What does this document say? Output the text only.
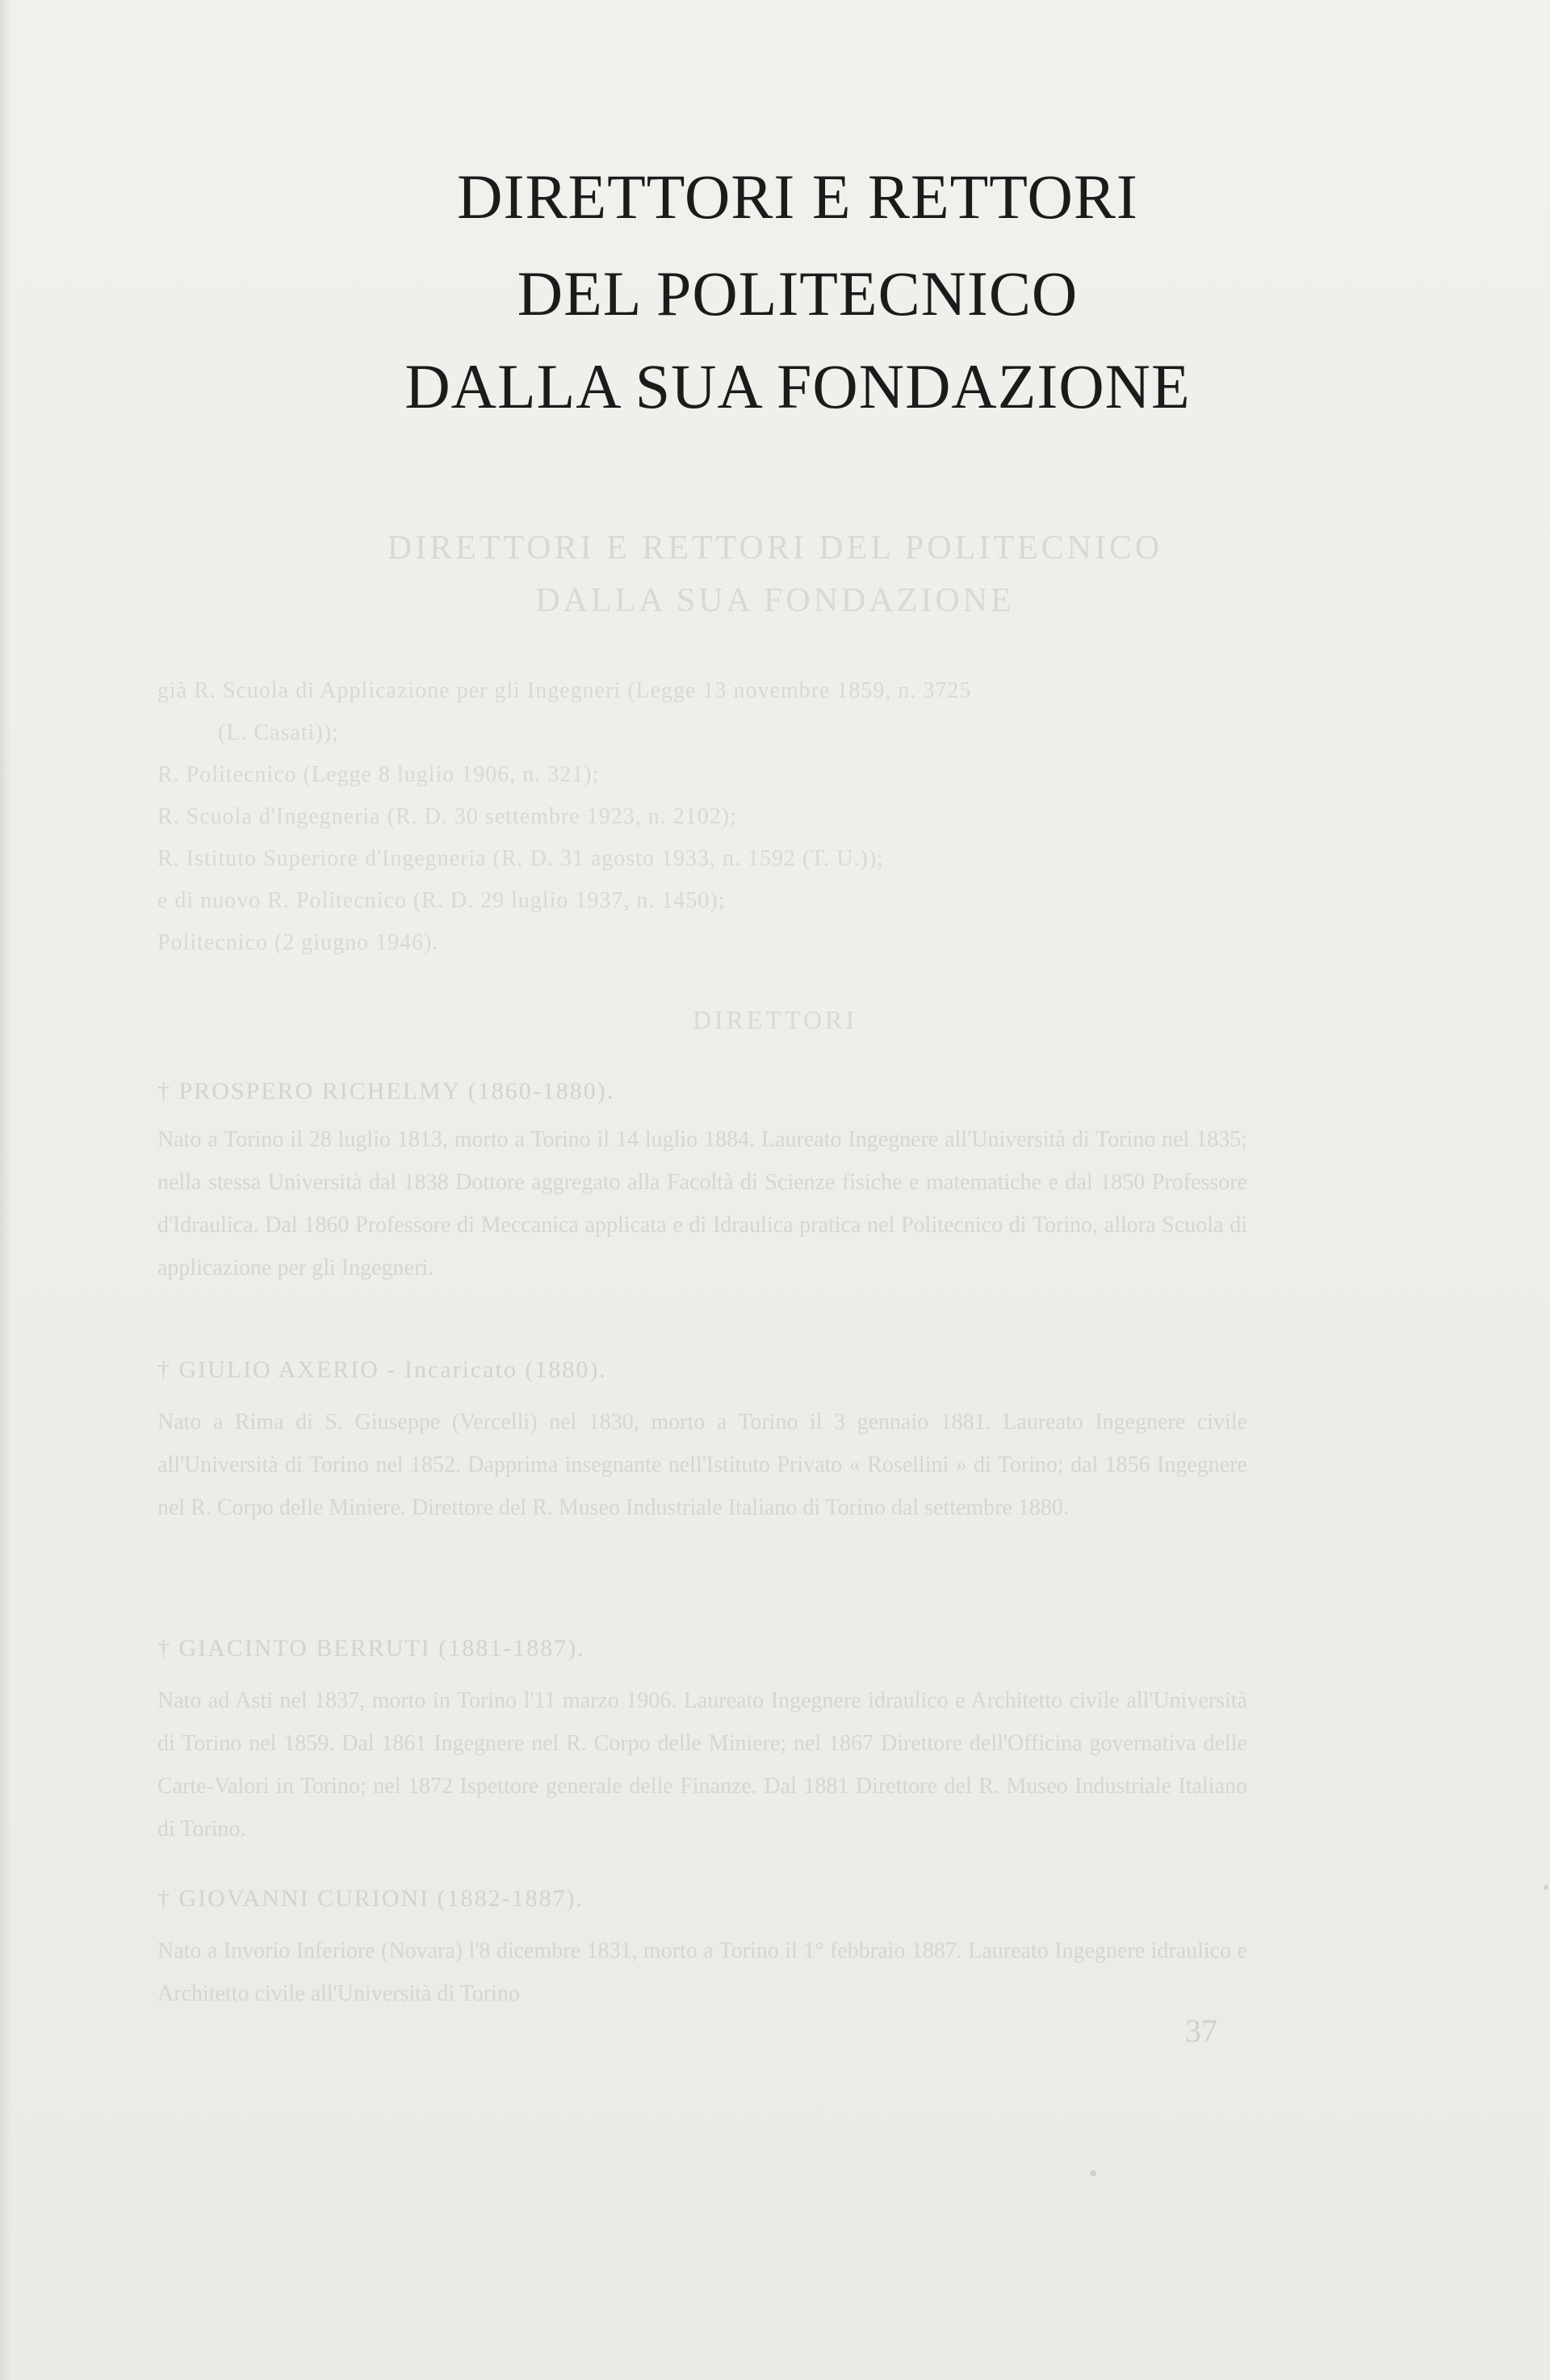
DIRETTORI E RETTORI
DEL POLITECNICO
DALLA SUA FONDAZIONE
DIRETTORI E RETTORI DEL POLITECNICO
DALLA SUA FONDAZIONE
già R. Scuola di Applicazione per gli Ingegneri (Legge 13 novembre 1859, n. 3725
(L. Casati));
R. Politecnico (Legge 8 luglio 1906, n. 321);
R. Scuola d'Ingegneria (R. D. 30 settembre 1923, n. 2102);
R. Istituto Superiore d'Ingegneria (R. D. 31 agosto 1933, n. 1592 (T. U.));
e di nuovo R. Politecnico (R. D. 29 luglio 1937, n. 1450);
Politecnico (2 giugno 1946).
DIRETTORI
† PROSPERO RICHELMY (1860-1880).

Nato a Torino il 28 luglio 1813, morto a Torino il 14 luglio 1884. Laureato Ingegnere all'Università di Torino nel 1835; nella stessa Università dal 1838 Dottore aggregato alla Facoltà di Scienze fisiche e matematiche e dal 1850 Professore d'Idraulica. Dal 1860 Professore di Meccanica applicata e di Idraulica pratica nel Politecnico di Torino, allora Scuola di applicazione per gli Ingegneri.

† GIULIO AXERIO - Incaricato (1880).

Nato a Rima di S. Giuseppe (Vercelli) nel 1830, morto a Torino il 3 gennaio 1881. Laureato Ingegnere civile all'Università di Torino nel 1852. Dapprima insegnante nell'Istituto Privato « Rosellini » di Torino; dal 1856 Ingegnere nel R. Corpo delle Miniere. Direttore del R. Museo Industriale Italiano di Torino dal settembre 1880.

† GIACINTO BERRUTI (1881-1887).

Nato ad Asti nel 1837, morto in Torino l'11 marzo 1906. Laureato Ingegnere idraulico e Architetto civile all'Università di Torino nel 1859. Dal 1861 Ingegnere nel R. Corpo delle Miniere; nel 1867 Direttore dell'Officina governativa delle Carte-Valori in Torino; nel 1872 Ispettore generale delle Finanze. Dal 1881 Direttore del R. Museo Industriale Italiano di Torino.

† GIOVANNI CURIONI (1882-1887).

Nato a Invorio Inferiore (Novara) l'8 dicembre 1831, morto a Torino il 1° febbraio 1887. Laureato Ingegnere idraulico e Architetto civile all'Università di Torino

37
